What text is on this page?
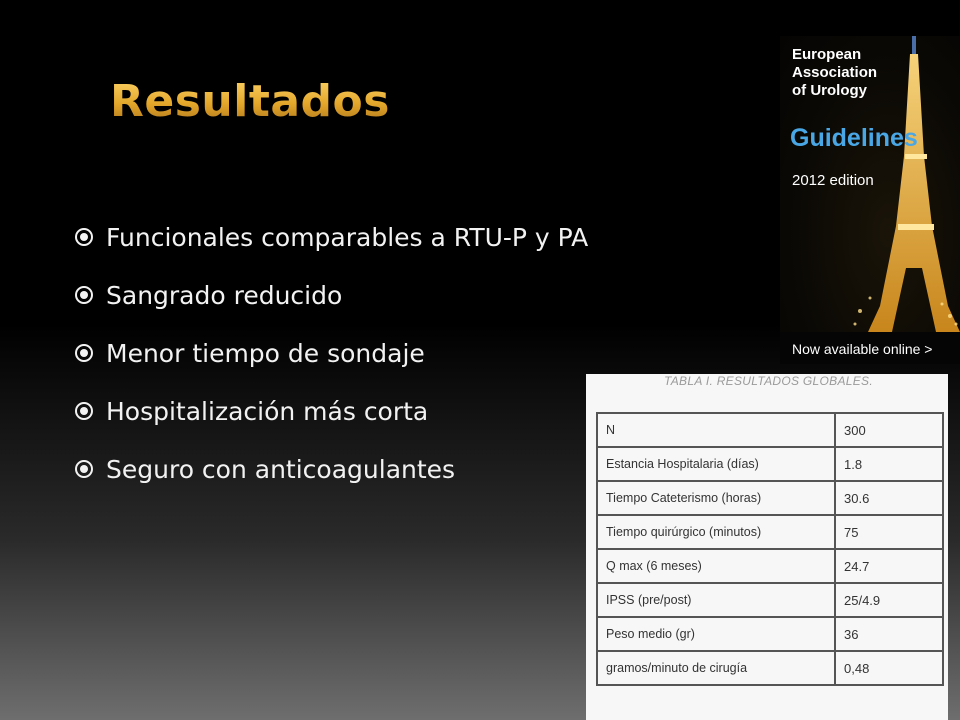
Resultados
Funcionales comparables a RTU-P y PA
Sangrado reducido
Menor tiempo de sondaje
Hospitalización más corta
Seguro con anticoagulantes
European
Association
of Urology
Guidelines
2012 edition
Now available online >
TABLA I. RESULTADOS GLOBALES.
N	300
Estancia Hospitalaria (días)	1.8
Tiempo Cateterismo (horas)	30.6
Tiempo quirúrgico (minutos)	75
Q max (6 meses)	24.7
IPSS (pre/post)	25/4.9
Peso medio (gr)	36
gramos/minuto de cirugía	0,48
